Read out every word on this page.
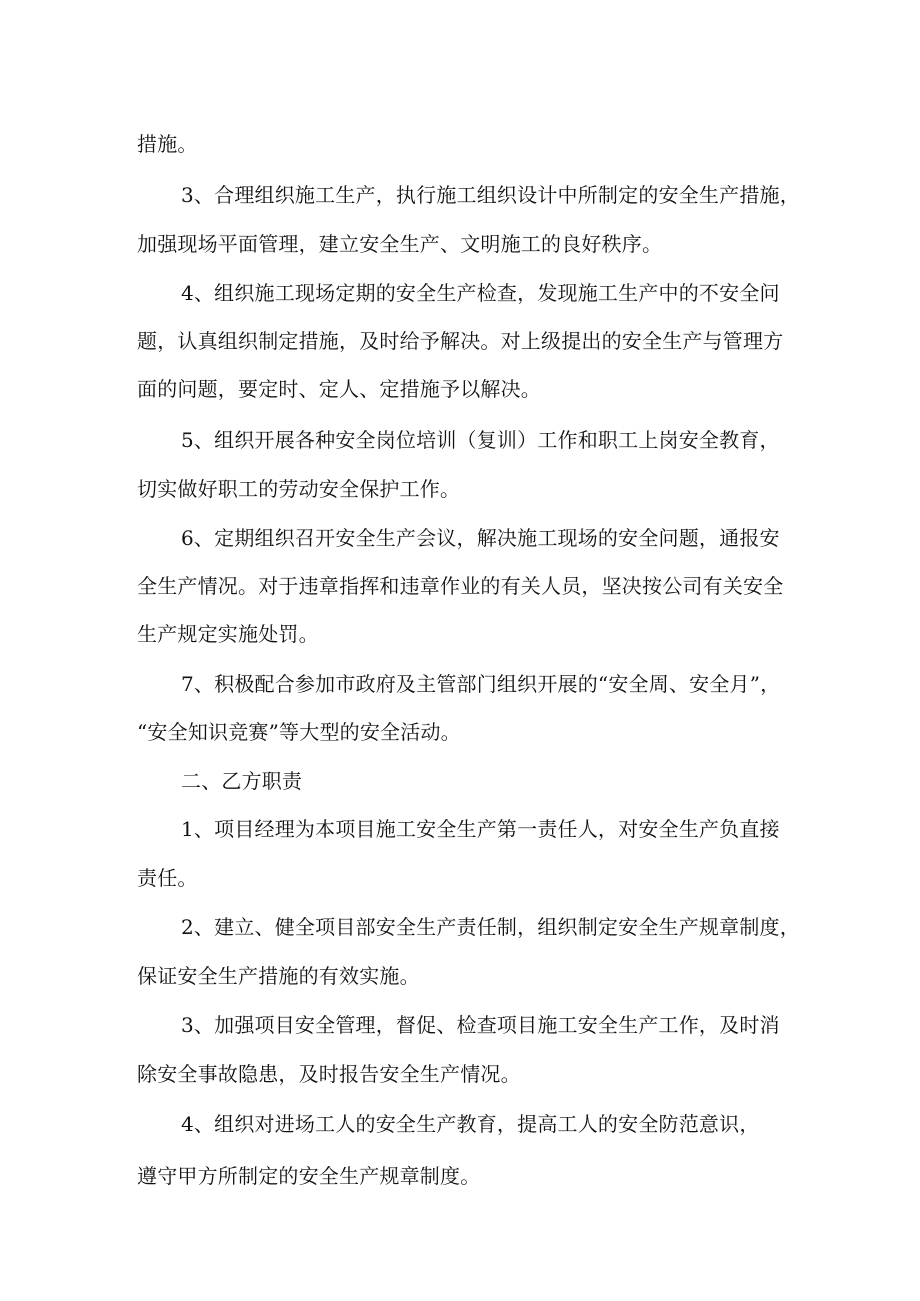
措施。
3、合理组织施工生产，执行施工组织设计中所制定的安全生产措施，
加强现场平面管理，建立安全生产、文明施工的良好秩序。
4、组织施工现场定期的安全生产检查，发现施工生产中的不安全问
题，认真组织制定措施，及时给予解决。对上级提出的安全生产与管理方
面的问题，要定时、定人、定措施予以解决。
5、组织开展各种安全岗位培训（复训）工作和职工上岗安全教育，
切实做好职工的劳动安全保护工作。
6、定期组织召开安全生产会议，解决施工现场的安全问题，通报安
全生产情况。对于违章指挥和违章作业的有关人员，坚决按公司有关安全
生产规定实施处罚。
7、积极配合参加市政府及主管部门组织开展的“安全周、安全月”，
“安全知识竞赛”等大型的安全活动。
二、乙方职责
1、项目经理为本项目施工安全生产第一责任人，对安全生产负直接
责任。
2、建立、健全项目部安全生产责任制，组织制定安全生产规章制度，
保证安全生产措施的有效实施。
3、加强项目安全管理，督促、检查项目施工安全生产工作，及时消
除安全事故隐患，及时报告安全生产情况。
4、组织对进场工人的安全生产教育，提高工人的安全防范意识，
遵守甲方所制定的安全生产规章制度。
